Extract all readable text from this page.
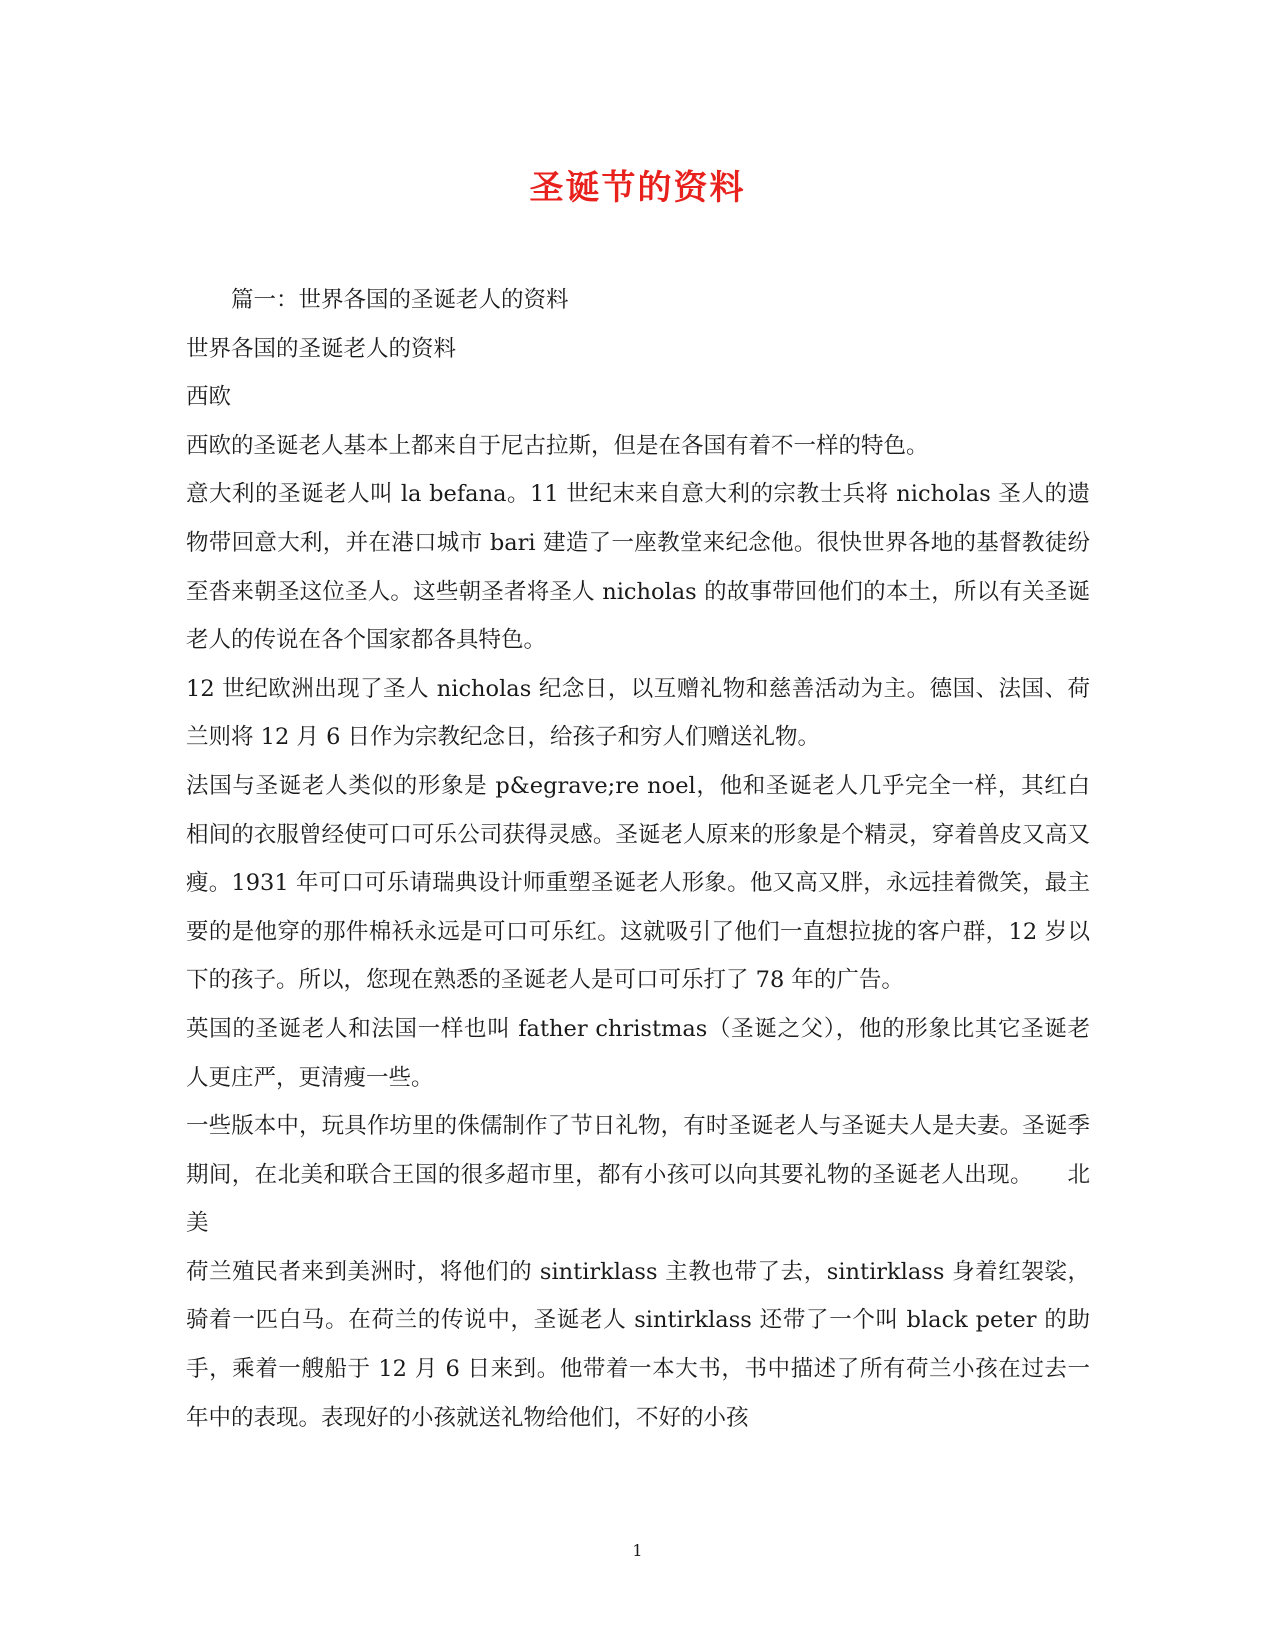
圣诞节的资料

篇一：世界各国的圣诞老人的资料

世界各国的圣诞老人的资料

西欧

西欧的圣诞老人基本上都来自于尼古拉斯，但是在各国有着不一样的特色。

意大利的圣诞老人叫 la befana。11 世纪末来自意大利的宗教士兵将 nicholas 圣人的遗物带回意大利，并在港口城市 bari 建造了一座教堂来纪念他。很快世界各地的基督教徒纷至沓来朝圣这位圣人。这些朝圣者将圣人 nicholas 的故事带回他们的本土，所以有关圣诞老人的传说在各个国家都各具特色。

12 世纪欧洲出现了圣人 nicholas 纪念日，以互赠礼物和慈善活动为主。德国、法国、荷兰则将 12 月 6 日作为宗教纪念日，给孩子和穷人们赠送礼物。

法国与圣诞老人类似的形象是 p&egrave;re noel，他和圣诞老人几乎完全一样，其红白相间的衣服曾经使可口可乐公司获得灵感。圣诞老人原来的形象是个精灵，穿着兽皮又高又瘦。1931 年可口可乐请瑞典设计师重塑圣诞老人形象。他又高又胖，永远挂着微笑，最主要的是他穿的那件棉袄永远是可口可乐红。这就吸引了他们一直想拉拢的客户群，12 岁以下的孩子。所以，您现在熟悉的圣诞老人是可口可乐打了 78 年的广告。

英国的圣诞老人和法国一样也叫 father christmas（圣诞之父），他的形象比其它圣诞老人更庄严，更清瘦一些。

一些版本中，玩具作坊里的侏儒制作了节日礼物，有时圣诞老人与圣诞夫人是夫妻。圣诞季期间，在北美和联合王国的很多超市里，都有小孩可以向其要礼物的圣诞老人出现。　　北美

荷兰殖民者来到美洲时，将他们的 sintirklass 主教也带了去，sintirklass 身着红袈裟，骑着一匹白马。在荷兰的传说中，圣诞老人 sintirklass 还带了一个叫 black peter 的助手，乘着一艘船于 12 月 6 日来到。他带着一本大书，书中描述了所有荷兰小孩在过去一年中的表现。表现好的小孩就送礼物给他们，不好的小孩

1
